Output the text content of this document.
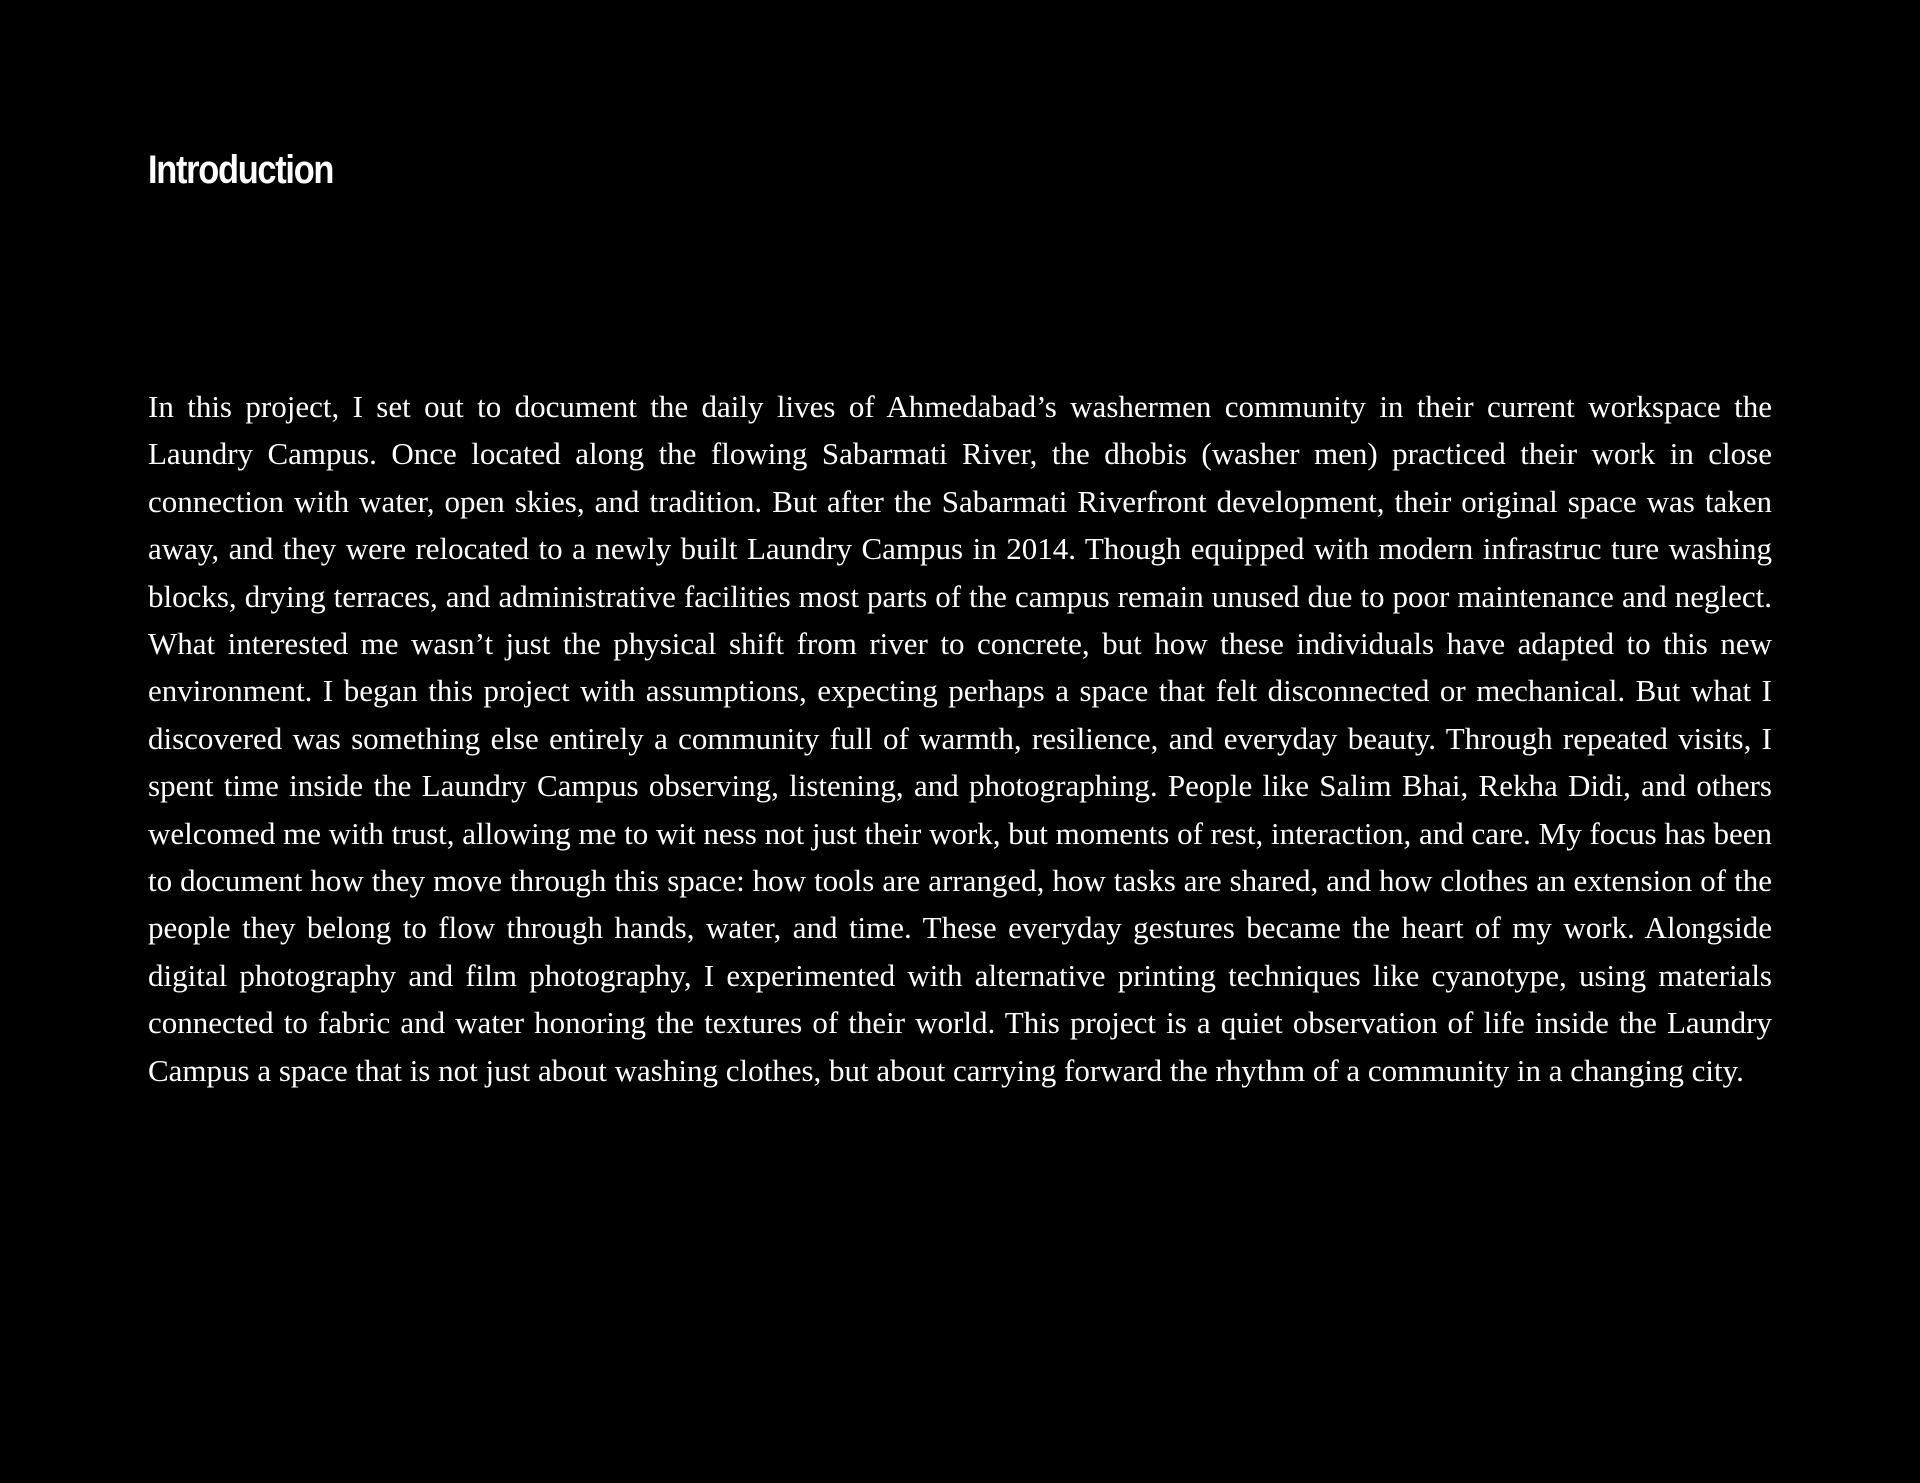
Introduction

In this project, I set out to document the daily lives of Ahmedabad’s washermen community in their current workspace the Laundry Campus. Once located along the flowing Sabarmati River, the dhobis (washer men) practiced their work in close connection with water, open skies, and tradition. But after the Sabarmati Riverfront development, their original space was taken away, and they were relocated to a newly built Laundry Campus in 2014. Though equipped with modern infrastruc ture washing blocks, drying terraces, and administrative facilities most parts of the campus remain unused due to poor maintenance and neglect. What interested me wasn’t just the physical shift from river to concrete, but how these individuals have adapted to this new environment. I began this project with assumptions, expecting perhaps a space that felt disconnected or mechanical. But what I discovered was something else entirely a community full of warmth, resilience, and everyday beauty. Through repeated visits, I spent time inside the Laundry Campus observing, listening, and photographing. People like Salim Bhai, Rekha Didi, and others welcomed me with trust, allowing me to wit ness not just their work, but moments of rest, interaction, and care. My focus has been to document how they move through this space: how tools are arranged, how tasks are shared, and how clothes an extension of the people they belong to flow through hands, water, and time. These everyday gestures became the heart of my work. Alongside digital photography and film photography, I experimented with alternative printing techniques like cyanotype, using materials connected to fabric and water honoring the textures of their world. This project is a quiet observation of life inside the Laundry Campus a space that is not just about washing clothes, but about carrying forward the rhythm of a community in a changing city.
